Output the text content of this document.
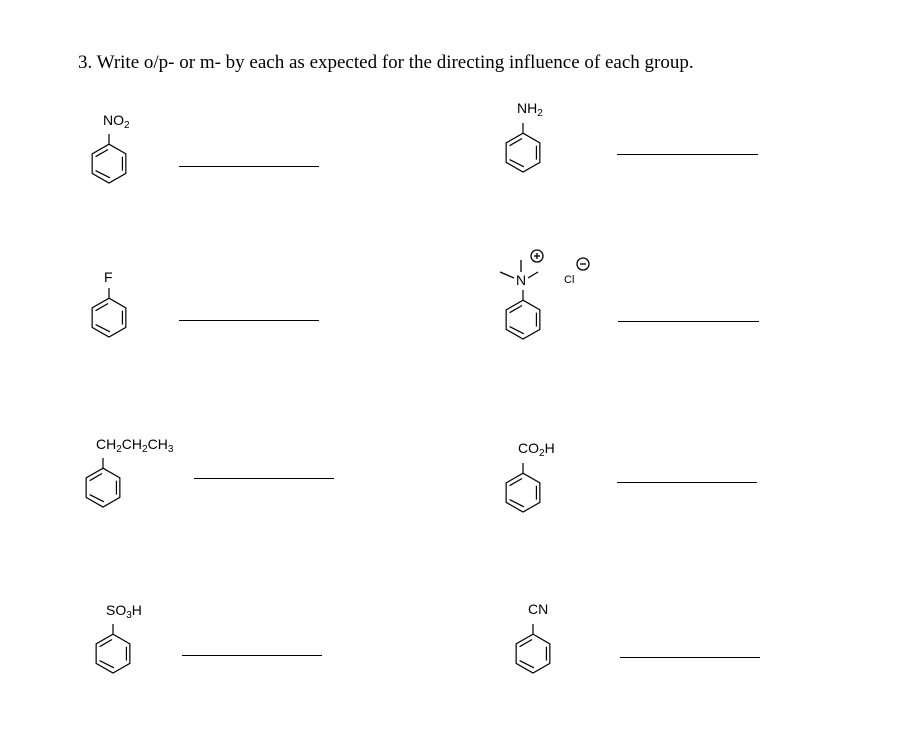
3. Write o/p- or m- by each as expected for the directing influence of each group.
$NO_2$
$NH_2$
F	N	Cl
$CH_2CH_2CH_3$	$CO_2H$
$SO_3H$	CN
